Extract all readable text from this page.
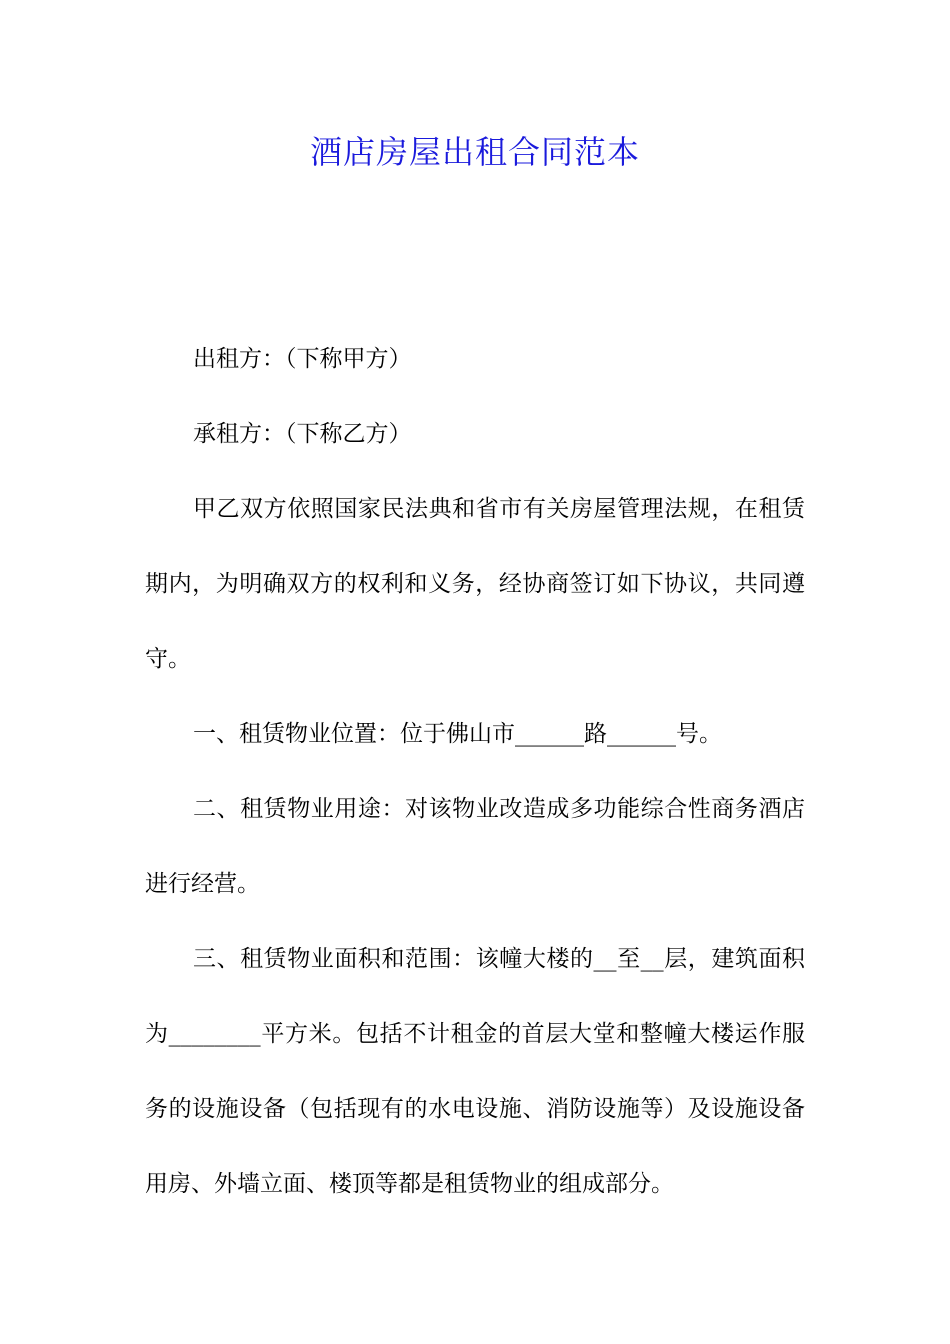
酒店房屋出租合同范本

出租方：（下称甲方）

承租方：（下称乙方）

甲乙双方依照国家民法典和省市有关房屋管理法规，在租赁期内，为明确双方的权利和义务，经协商签订如下协议，共同遵守。

一、租赁物业位置：位于佛山市______路______号。

二、租赁物业用途：对该物业改造成多功能综合性商务酒店进行经营。

三、租赁物业面积和范围：该幢大楼的__至__层，建筑面积为________平方米。包括不计租金的首层大堂和整幢大楼运作服务的设施设备（包括现有的水电设施、消防设施等）及设施设备用房、外墙立面、楼顶等都是租赁物业的组成部分。
